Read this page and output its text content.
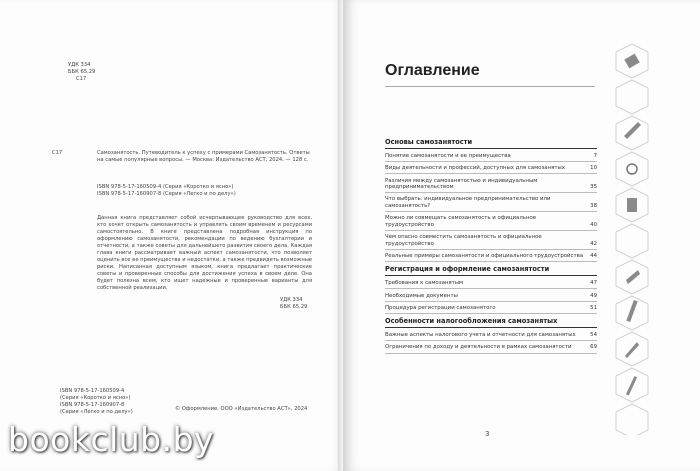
УДК 334
ББК 65.29
С17
С17	Самозанятость. Путеводитель к успеху с примерами Самозанятость. Ответы на самые популярные вопросы. — Москва: Издательство АСТ, 2024. — 128 с.
ISBN 978-5-17-160509-4 (Серия «Коротко и ясно»)
ISBN 978-5-17-160907-8 (Серия «Легко и по делу»)
Данная книга представляет собой исчерпывающее руководство для всех, кто хочет открыть самозанятость и управлять своим временем и ресурсами самостоятельно. В книге представлена подробная инструкция по оформлению самозанятости, рекомендации по ведению бухгалтерии и отчетности, а также советы для дальнейшего развития своего дела. Каждая глава книги рассматривает важный аспект самозанятости, что позволяет оценить все ее преимущества и недостатки, а также предвидеть возможные риски. Написанная доступным языком, книга предлагает практические советы и проверенные способы для достижения успеха в своем деле. Она будет полезна всем, кто ищет надежные и проверенные варианты для собственной реализации.
УДК 334
ББК 65.29
ISBN 978-5-17-160509-4
(Серия «Коротко и ясно»)
ISBN 978-5-17-160907-8
(Серия «Легко и по делу»)	© Оформление. ООО «Издательство АСТ», 2024
bookclub.by
Оглавление
Основы самозанятости
Понятие самозанятости и ее преимущества	7
Виды деятельности и профессий, доступных для самозанятых	10
Различия между самозанятостью и индивидуальным предпринимательством	35
Что выбрать: индивидуальное предпринимательство или самозанятость?	38
Можно ли совмещать самозанятость и официальное трудоустройство	40
Чем опасно совместить самозанятость и официальное трудоустройство	42
Реальные примеры самозанятости и официального трудоустройства	44
Регистрация и оформление самозанятости
Требования к самозанятым	47
Необходимые документы	49
Процедура регистрации самозанятого	51
Особенности налогообложения самозанятых
Важные аспекты налогового учета и отчетности для самозанятых	54
Ограничения по доходу и деятельности в рамках самозанятости	69
3
